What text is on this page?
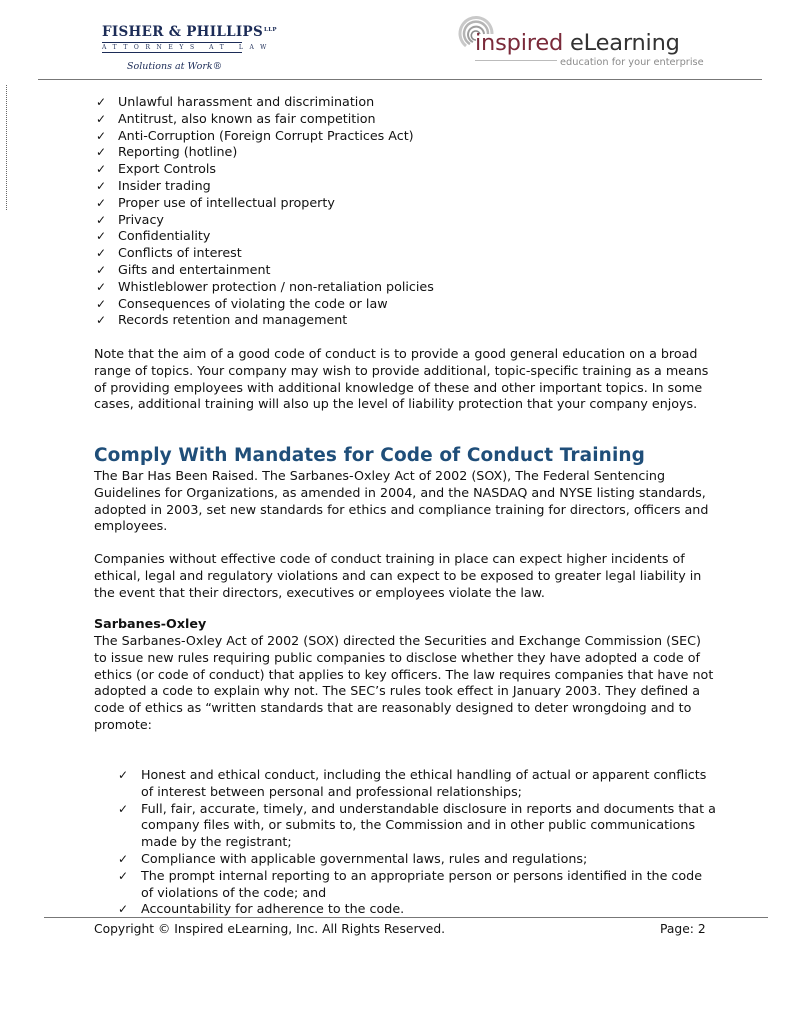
FISHER & $PHILLIPS^{LLP}$
ATTORNEYS AT LAW
Solutions at Work®
inspired eLearning
education for your enterprise
✓ Unlawful harassment and discrimination
✓ Antitrust, also known as fair competition
✓ Anti-Corruption (Foreign Corrupt Practices Act)
✓ Reporting (hotline)
✓ Export Controls
✓ Insider trading
✓ Proper use of intellectual property
✓ Privacy
✓ Confidentiality
✓ Conflicts of interest
✓ Gifts and entertainment
✓ Whistleblower protection / non-retaliation policies
✓ Consequences of violating the code or law
✓ Records retention and management

Note that the aim of a good code of conduct is to provide a good general education on a broad range of topics. Your company may wish to provide additional, topic-specific training as a means of providing employees with additional knowledge of these and other important topics. In some cases, additional training will also up the level of liability protection that your company enjoys.

Comply With Mandates for Code of Conduct Training

The Bar Has Been Raised. The Sarbanes-Oxley Act of 2002 (SOX), The Federal Sentencing Guidelines for Organizations, as amended in 2004, and the NASDAQ and NYSE listing standards, adopted in 2003, set new standards for ethics and compliance training for directors, officers and employees.

Companies without effective code of conduct training in place can expect higher incidents of ethical, legal and regulatory violations and can expect to be exposed to greater legal liability in the event that their directors, executives or employees violate the law.

Sarbanes-Oxley

The Sarbanes-Oxley Act of 2002 (SOX) directed the Securities and Exchange Commission (SEC) to issue new rules requiring public companies to disclose whether they have adopted a code of ethics (or code of conduct) that applies to key officers. The law requires companies that have not adopted a code to explain why not. The SEC’s rules took effect in January 2003. They defined a code of ethics as “written standards that are reasonably designed to deter wrongdoing and to promote:

✓ Honest and ethical conduct, including the ethical handling of actual or apparent conflicts of interest between personal and professional relationships;
✓ Full, fair, accurate, timely, and understandable disclosure in reports and documents that a company files with, or submits to, the Commission and in other public communications made by the registrant;
✓ Compliance with applicable governmental laws, rules and regulations;
✓ The prompt internal reporting to an appropriate person or persons identified in the code of violations of the code; and
✓ Accountability for adherence to the code.
Copyright © Inspired eLearning, Inc. All Rights Reserved.	Page: 2
